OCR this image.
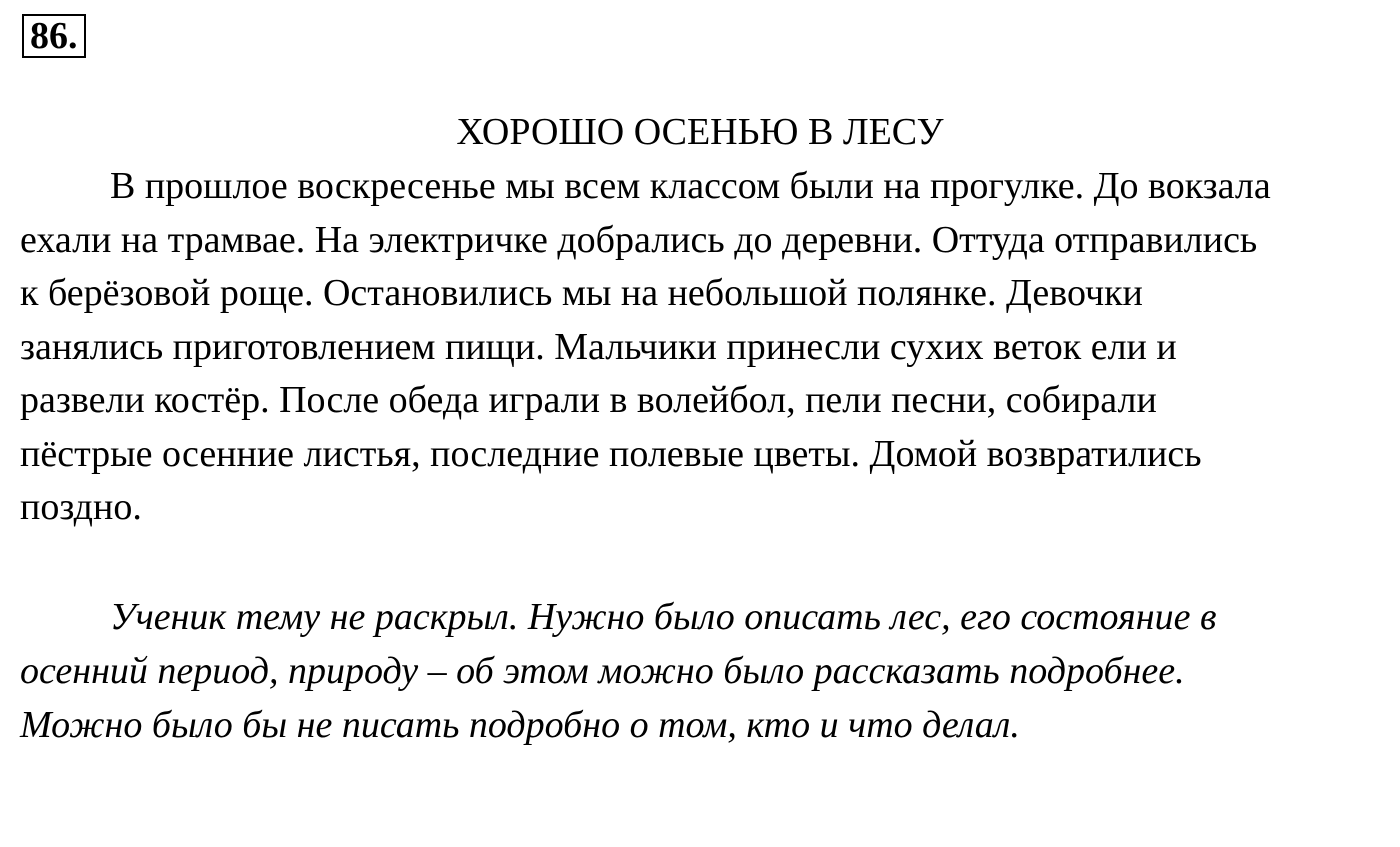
86.
ХОРОШО ОСЕНЬЮ В ЛЕСУ
В прошлое воскресенье мы всем классом были на прогулке. До вокзала
ехали на трамвае. На электричке добрались до деревни. Оттуда отправились
к берёзовой роще. Остановились мы на небольшой полянке. Девочки
занялись приготовлением пищи. Мальчики принесли сухих веток ели и
развели костёр. После обеда играли в волейбол, пели песни, собирали
пёстрые осенние листья, последние полевые цветы. Домой возвратились
поздно.
Ученик тему не раскрыл. Нужно было описать лес, его состояние в
осенний период, природу – об этом можно было рассказать подробнее.
Можно было бы не писать подробно о том, кто и что делал.
